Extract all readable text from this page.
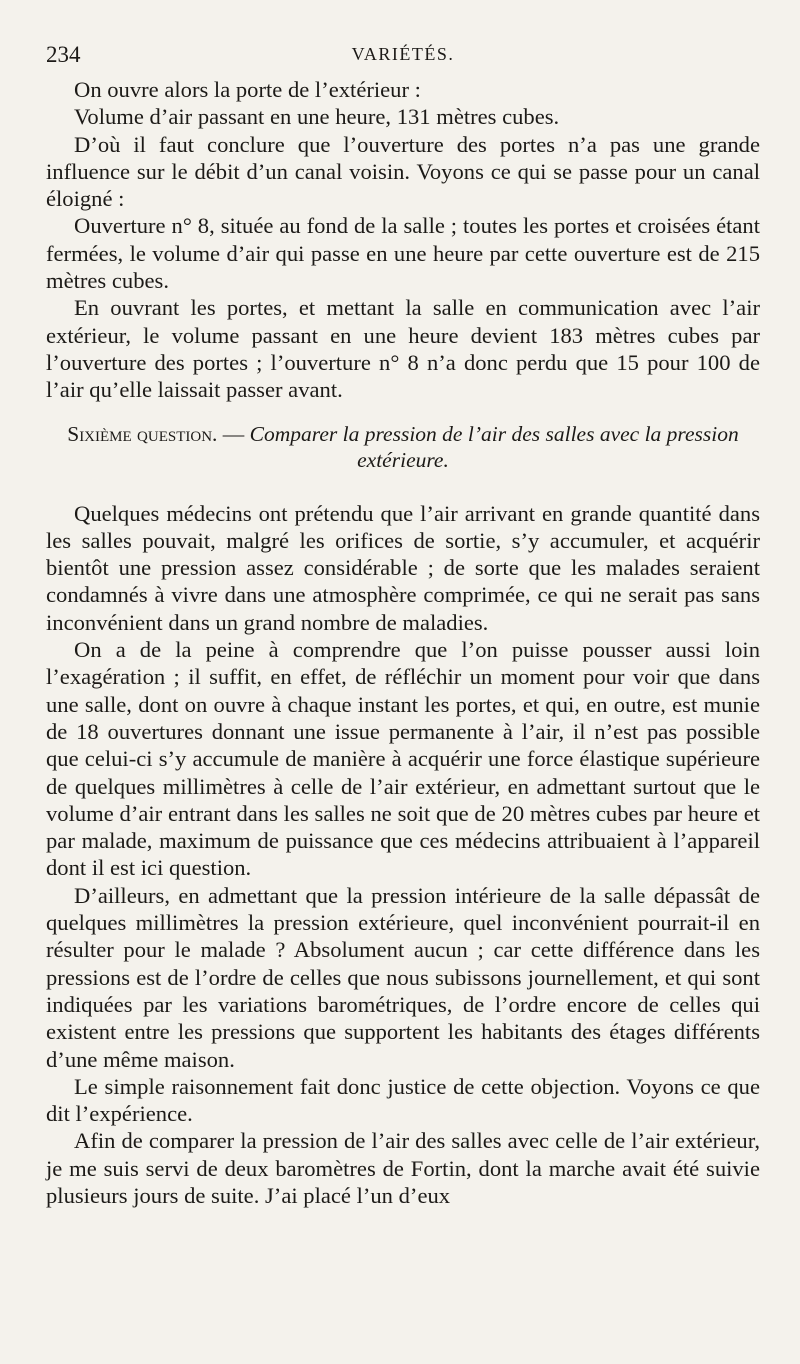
234	VARIÉTÉS.

On ouvre alors la porte de l’extérieur :

Volume d’air passant en une heure, 131 mètres cubes.

D’où il faut conclure que l’ouverture des portes n’a pas une grande influence sur le débit d’un canal voisin. Voyons ce qui se passe pour un canal éloigné :

Ouverture n° 8, située au fond de la salle ; toutes les portes et croisées étant fermées, le volume d’air qui passe en une heure par cette ouverture est de 215 mètres cubes.

En ouvrant les portes, et mettant la salle en communication avec l’air extérieur, le volume passant en une heure devient 183 mètres cubes par l’ouverture des portes ; l’ouverture n° 8 n’a donc perdu que 15 pour 100 de l’air qu’elle laissait passer avant.

Sixième question. — Comparer la pression de l’air des salles avec la pression extérieure.

Quelques médecins ont prétendu que l’air arrivant en grande quantité dans les salles pouvait, malgré les orifices de sortie, s’y accumuler, et acquérir bientôt une pression assez considérable ; de sorte que les malades seraient condamnés à vivre dans une atmosphère comprimée, ce qui ne serait pas sans inconvénient dans un grand nombre de maladies.

On a de la peine à comprendre que l’on puisse pousser aussi loin l’exagération ; il suffit, en effet, de réfléchir un moment pour voir que dans une salle, dont on ouvre à chaque instant les portes, et qui, en outre, est munie de 18 ouvertures donnant une issue permanente à l’air, il n’est pas possible que celui-ci s’y accumule de manière à acquérir une force élastique supérieure de quelques millimètres à celle de l’air extérieur, en admettant surtout que le volume d’air entrant dans les salles ne soit que de 20 mètres cubes par heure et par malade, maximum de puissance que ces médecins attribuaient à l’appareil dont il est ici question.

D’ailleurs, en admettant que la pression intérieure de la salle dépassât de quelques millimètres la pression extérieure, quel inconvénient pourrait-il en résulter pour le malade ? Absolument aucun ; car cette différence dans les pressions est de l’ordre de celles que nous subissons journellement, et qui sont indiquées par les variations barométriques, de l’ordre encore de celles qui existent entre les pressions que supportent les habitants des étages différents d’une même maison.

Le simple raisonnement fait donc justice de cette objection. Voyons ce que dit l’expérience.

Afin de comparer la pression de l’air des salles avec celle de l’air extérieur, je me suis servi de deux baromètres de Fortin, dont la marche avait été suivie plusieurs jours de suite. J’ai placé l’un d’eux
